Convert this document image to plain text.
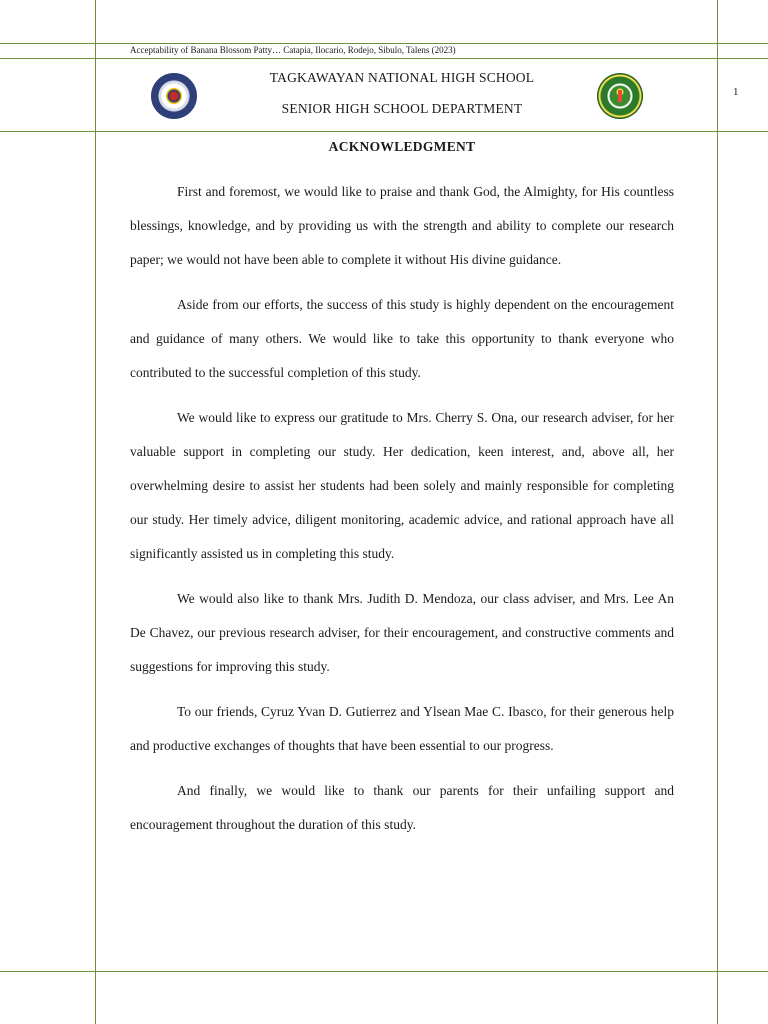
Acceptability of Banana Blossom Patty… Catapia, Ilocario, Rodejo, Sibulo, Talens (2023)
TAGKAWAYAN NATIONAL HIGH SCHOOL
SENIOR HIGH SCHOOL DEPARTMENT
1
ACKNOWLEDGMENT

First and foremost, we would like to praise and thank God, the Almighty, for His countless blessings, knowledge, and by providing us with the strength and ability to complete our research paper; we would not have been able to complete it without His divine guidance.

Aside from our efforts, the success of this study is highly dependent on the encouragement and guidance of many others. We would like to take this opportunity to thank everyone who contributed to the successful completion of this study.

We would like to express our gratitude to Mrs. Cherry S. Ona, our research adviser, for her valuable support in completing our study. Her dedication, keen interest, and, above all, her overwhelming desire to assist her students had been solely and mainly responsible for completing our study. Her timely advice, diligent monitoring, academic advice, and rational approach have all significantly assisted us in completing this study.

We would also like to thank Mrs. Judith D. Mendoza, our class adviser, and Mrs. Lee An De Chavez, our previous research adviser, for their encouragement, and constructive comments and suggestions for improving this study.

To our friends, Cyruz Yvan D. Gutierrez and Ylsean Mae C. Ibasco, for their generous help and productive exchanges of thoughts that have been essential to our progress.

And finally, we would like to thank our parents for their unfailing support and encouragement throughout the duration of this study.
